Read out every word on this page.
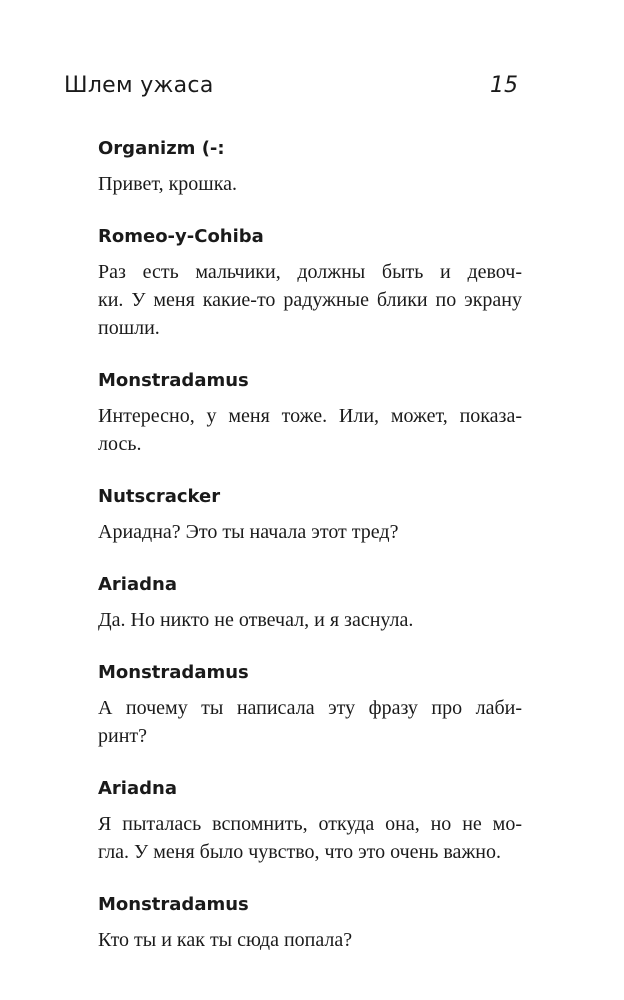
Шлем ужаса	15
Organizm (-:
Привет, крошка.
Romeo-y-Cohiba
Раз есть мальчики, должны быть и девоч-
ки. У меня какие-то радужные блики по экрану
пошли.
Monstradamus
Интересно, у меня тоже. Или, может, показа-
лось.
Nutscracker
Ариадна? Это ты начала этот тред?
Ariadna
Да. Но никто не отвечал, и я заснула.
Monstradamus
А почему ты написала эту фразу про лаби-
ринт?
Ariadna
Я пыталась вспомнить, откуда она, но не мо-
гла. У меня было чувство, что это очень важно.
Monstradamus
Кто ты и как ты сюда попала?
